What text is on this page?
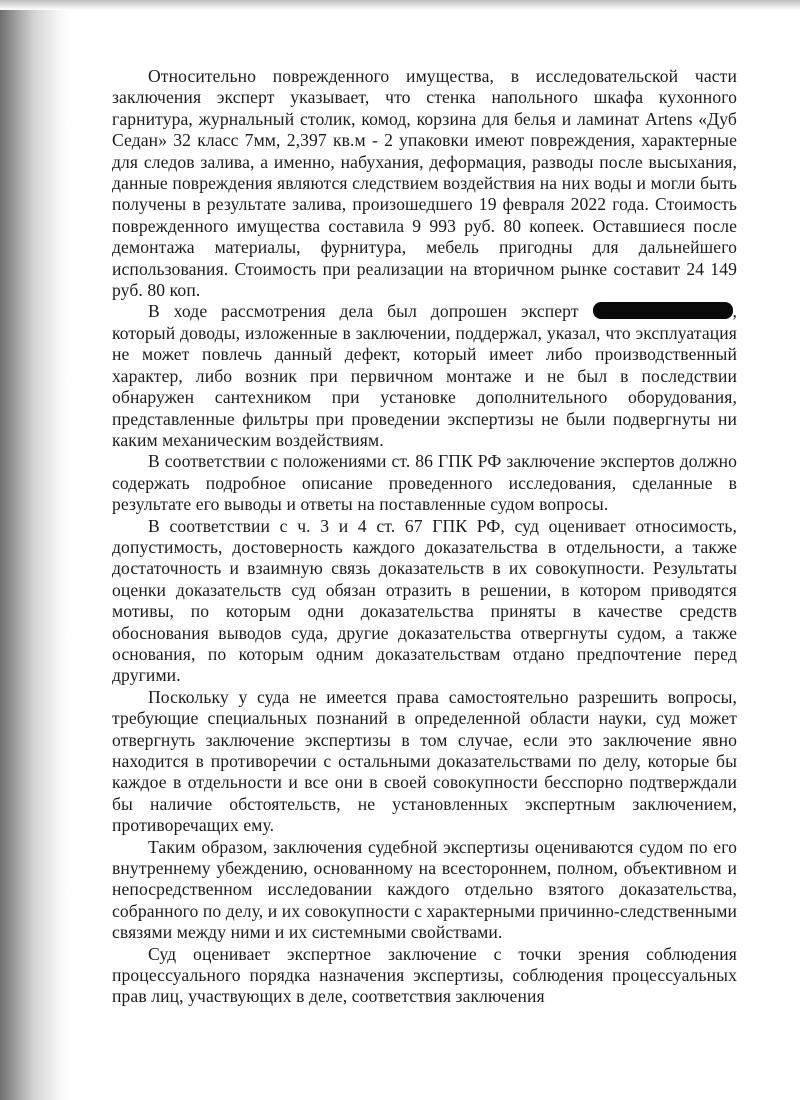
Относительно поврежденного имущества, в исследовательской части заключения эксперт указывает, что стенка напольного шкафа кухонного гарнитура, журнальный столик, комод, корзина для белья и ламинат Artens «Дуб Седан» 32 класс 7мм, 2,397 кв.м - 2 упаковки имеют повреждения, характерные для следов залива, а именно, набухания, деформация, разводы после высыхания, данные повреждения являются следствием воздействия на них воды и могли быть получены в результате залива, произошедшего 19 февраля 2022 года. Стоимость поврежденного имущества составила 9 993 руб. 80 копеек. Оставшиеся после демонтажа материалы, фурнитура, мебель пригодны для дальнейшего использования. Стоимость при реализации на вторичном рынке составит 24 149 руб. 80 коп.

В ходе рассмотрения дела был допрошен эксперт	, который доводы, изложенные в заключении, поддержал, указал, что эксплуатация не может повлечь данный дефект, который имеет либо производственный характер, либо возник при первичном монтаже и не был в последствии обнаружен сантехником при установке дополнительного оборудования, представленные фильтры при проведении экспертизы не были подвергнуты ни каким механическим воздействиям.

В соответствии с положениями ст. 86 ГПК РФ заключение экспертов должно содержать подробное описание проведенного исследования, сделанные в результате его выводы и ответы на поставленные судом вопросы.

В соответствии с ч. 3 и 4 ст. 67 ГПК РФ, суд оценивает относимость, допустимость, достоверность каждого доказательства в отдельности, а также достаточность и взаимную связь доказательств в их совокупности. Результаты оценки доказательств суд обязан отразить в решении, в котором приводятся мотивы, по которым одни доказательства приняты в качестве средств обоснования выводов суда, другие доказательства отвергнуты судом, а также основания, по которым одним доказательствам отдано предпочтение перед другими.

Поскольку у суда не имеется права самостоятельно разрешить вопросы, требующие специальных познаний в определенной области науки, суд может отвергнуть заключение экспертизы в том случае, если это заключение явно находится в противоречии с остальными доказательствами по делу, которые бы каждое в отдельности и все они в своей совокупности бесспорно подтверждали бы наличие обстоятельств, не установленных экспертным заключением, противоречащих ему.

Таким образом, заключения судебной экспертизы оцениваются судом по его внутреннему убеждению, основанному на всестороннем, полном, объективном и непосредственном исследовании каждого отдельно взятого доказательства, собранного по делу, и их совокупности с характерными причинно-следственными связями между ними и их системными свойствами.

Суд оценивает экспертное заключение с точки зрения соблюдения процессуального порядка назначения экспертизы, соблюдения процессуальных прав лиц, участвующих в деле, соответствия заключения
